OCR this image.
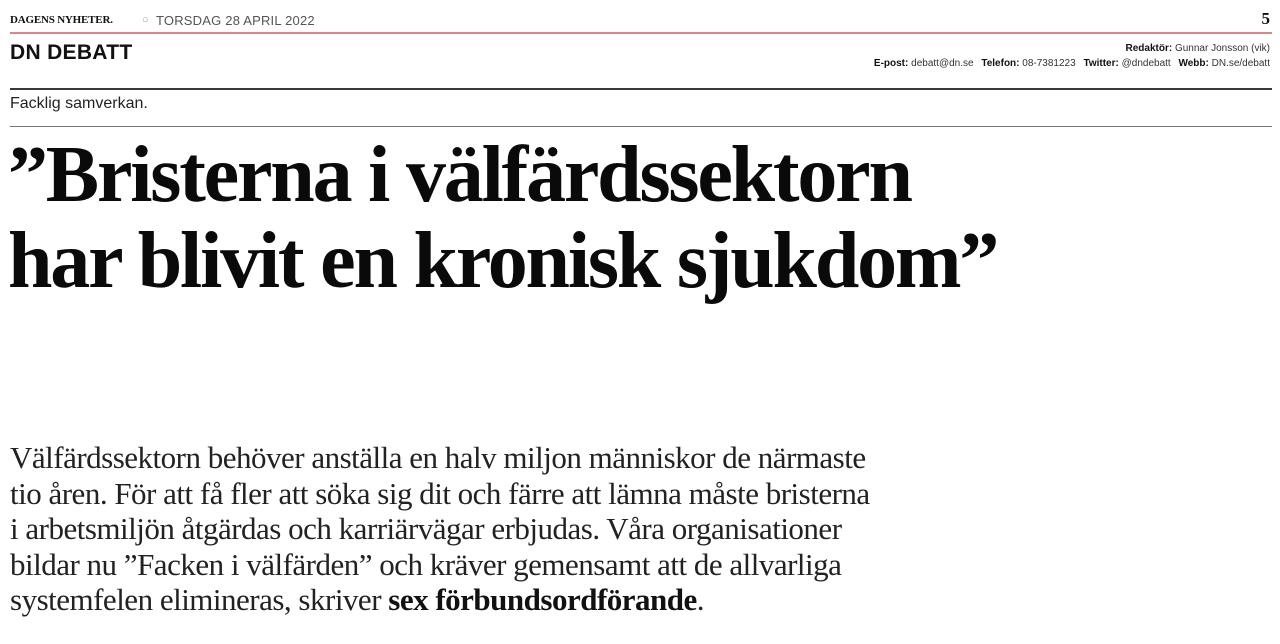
DAGENS NYHETER.	○ TORSDAG 28 APRIL 2022	5
DN DEBATT	Redaktör: Gunnar Jonsson (vik)
E-post: debatt@dn.se Telefon: 08-7381223 Twitter: @dndebatt Webb: DN.se/debatt
Facklig samverkan.
”Bristerna i välfärdssektorn
har blivit en kronisk sjukdom”

Välfärdssektorn behöver anställa en halv miljon människor de närmaste
tio åren. För att få fler att söka sig dit och färre att lämna måste bristerna
i arbetsmiljön åtgärdas och karriärvägar erbjudas. Våra organisationer
bildar nu ”Facken i välfärden” och kräver gemensamt att de allvarliga
systemfelen elimineras, skriver sex förbundsordförande.
